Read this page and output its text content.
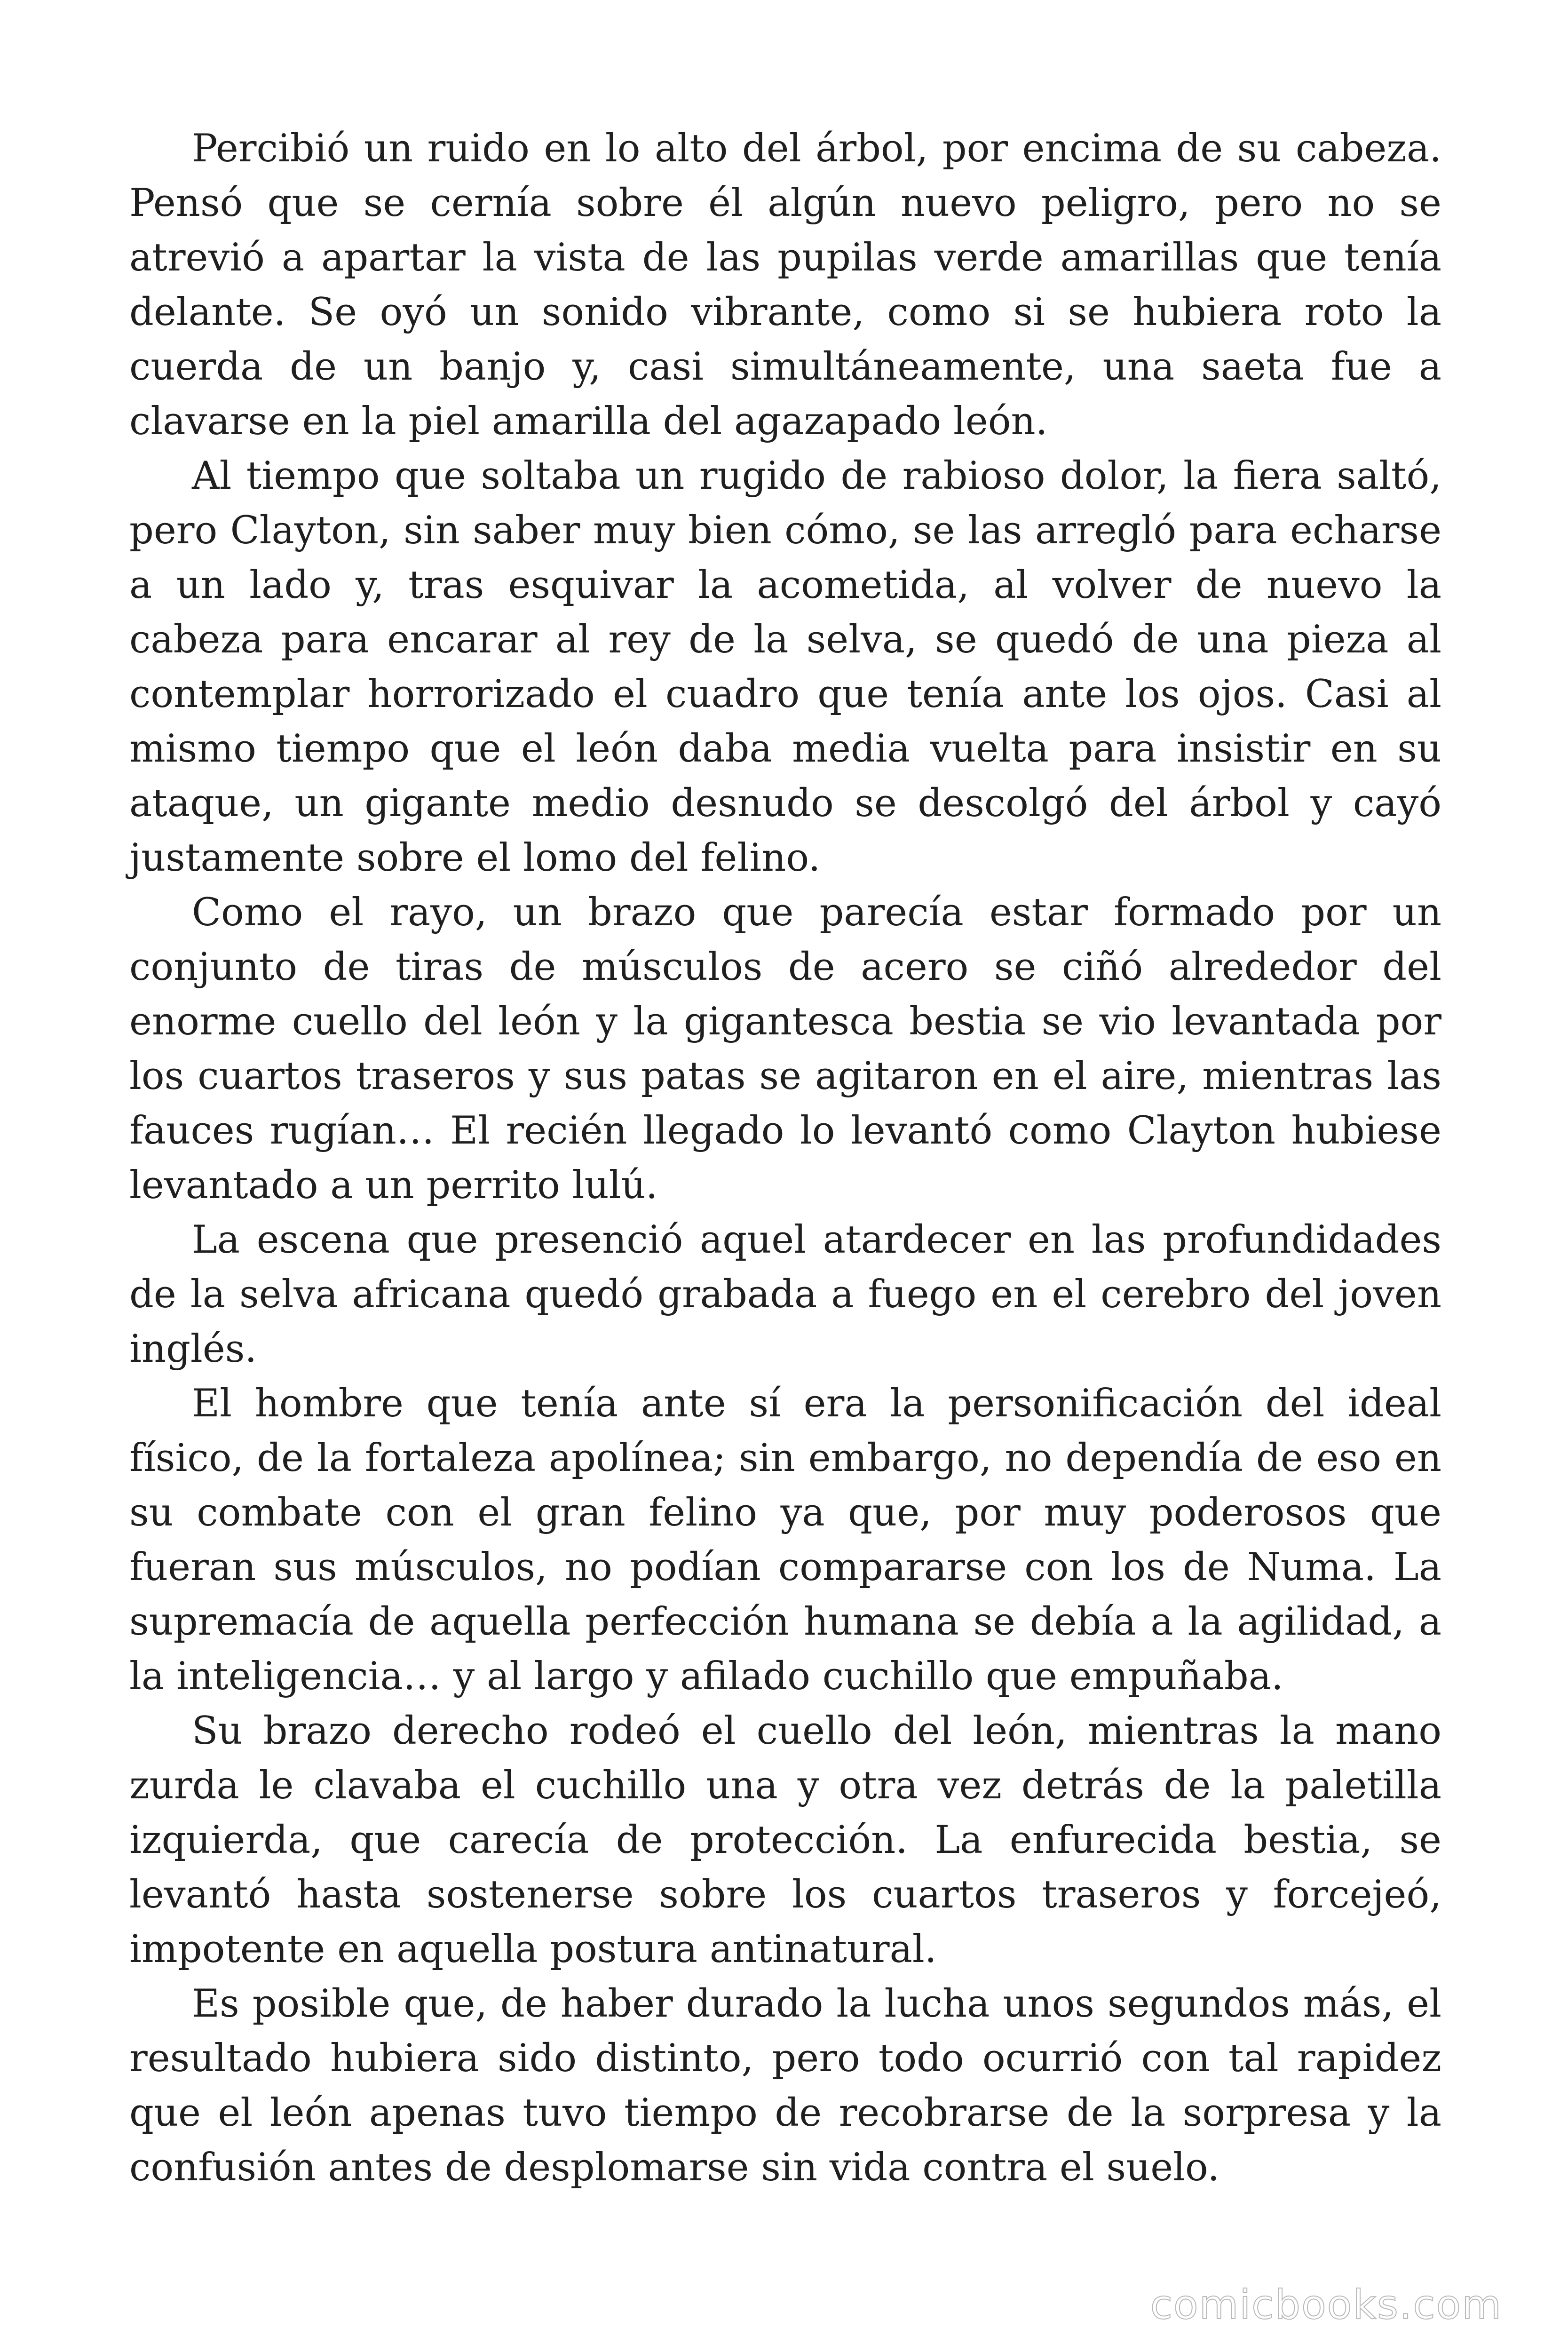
Percibió un ruido en lo alto del árbol, por encima de su cabeza. Pensó que se cernía sobre él algún nuevo peligro, pero no se atrevió a apartar la vista de las pupilas verde amarillas que tenía delante. Se oyó un sonido vibrante, como si se hubiera roto la cuerda de un banjo y, casi simultáneamente, una saeta fue a clavarse en la piel amarilla del agazapado león.

Al tiempo que soltaba un rugido de rabioso dolor, la fiera saltó, pero Clayton, sin saber muy bien cómo, se las arregló para echarse a un lado y, tras esquivar la acometida, al volver de nuevo la cabeza para encarar al rey de la selva, se quedó de una pieza al contemplar horrorizado el cuadro que tenía ante los ojos. Casi al mismo tiempo que el león daba media vuelta para insistir en su ataque, un gigante medio desnudo se descolgó del árbol y cayó justamente sobre el lomo del felino.

Como el rayo, un brazo que parecía estar formado por un conjunto de tiras de músculos de acero se ciñó alrededor del enorme cuello del león y la gigantesca bestia se vio levantada por los cuartos traseros y sus patas se agitaron en el aire, mientras las fauces rugían… El recién llegado lo levantó como Clayton hubiese levantado a un perrito lulú.

La escena que presenció aquel atardecer en las profundidades de la selva africana quedó grabada a fuego en el cerebro del joven inglés.

El hombre que tenía ante sí era la personificación del ideal físico, de la fortaleza apolínea; sin embargo, no dependía de eso en su combate con el gran felino ya que, por muy poderosos que fueran sus músculos, no podían compararse con los de Numa. La supremacía de aquella perfección humana se debía a la agilidad, a la inteligencia… y al largo y afilado cuchillo que empuñaba.

Su brazo derecho rodeó el cuello del león, mientras la mano zurda le clavaba el cuchillo una y otra vez detrás de la paletilla izquierda, que carecía de protección. La enfurecida bestia, se levantó hasta sostenerse sobre los cuartos traseros y forcejeó, impotente en aquella postura antinatural.

Es posible que, de haber durado la lucha unos segundos más, el resultado hubiera sido distinto, pero todo ocurrió con tal rapidez que el león apenas tuvo tiempo de recobrarse de la sorpresa y la confusión antes de desplomarse sin vida contra el suelo.

comicbooks.com
